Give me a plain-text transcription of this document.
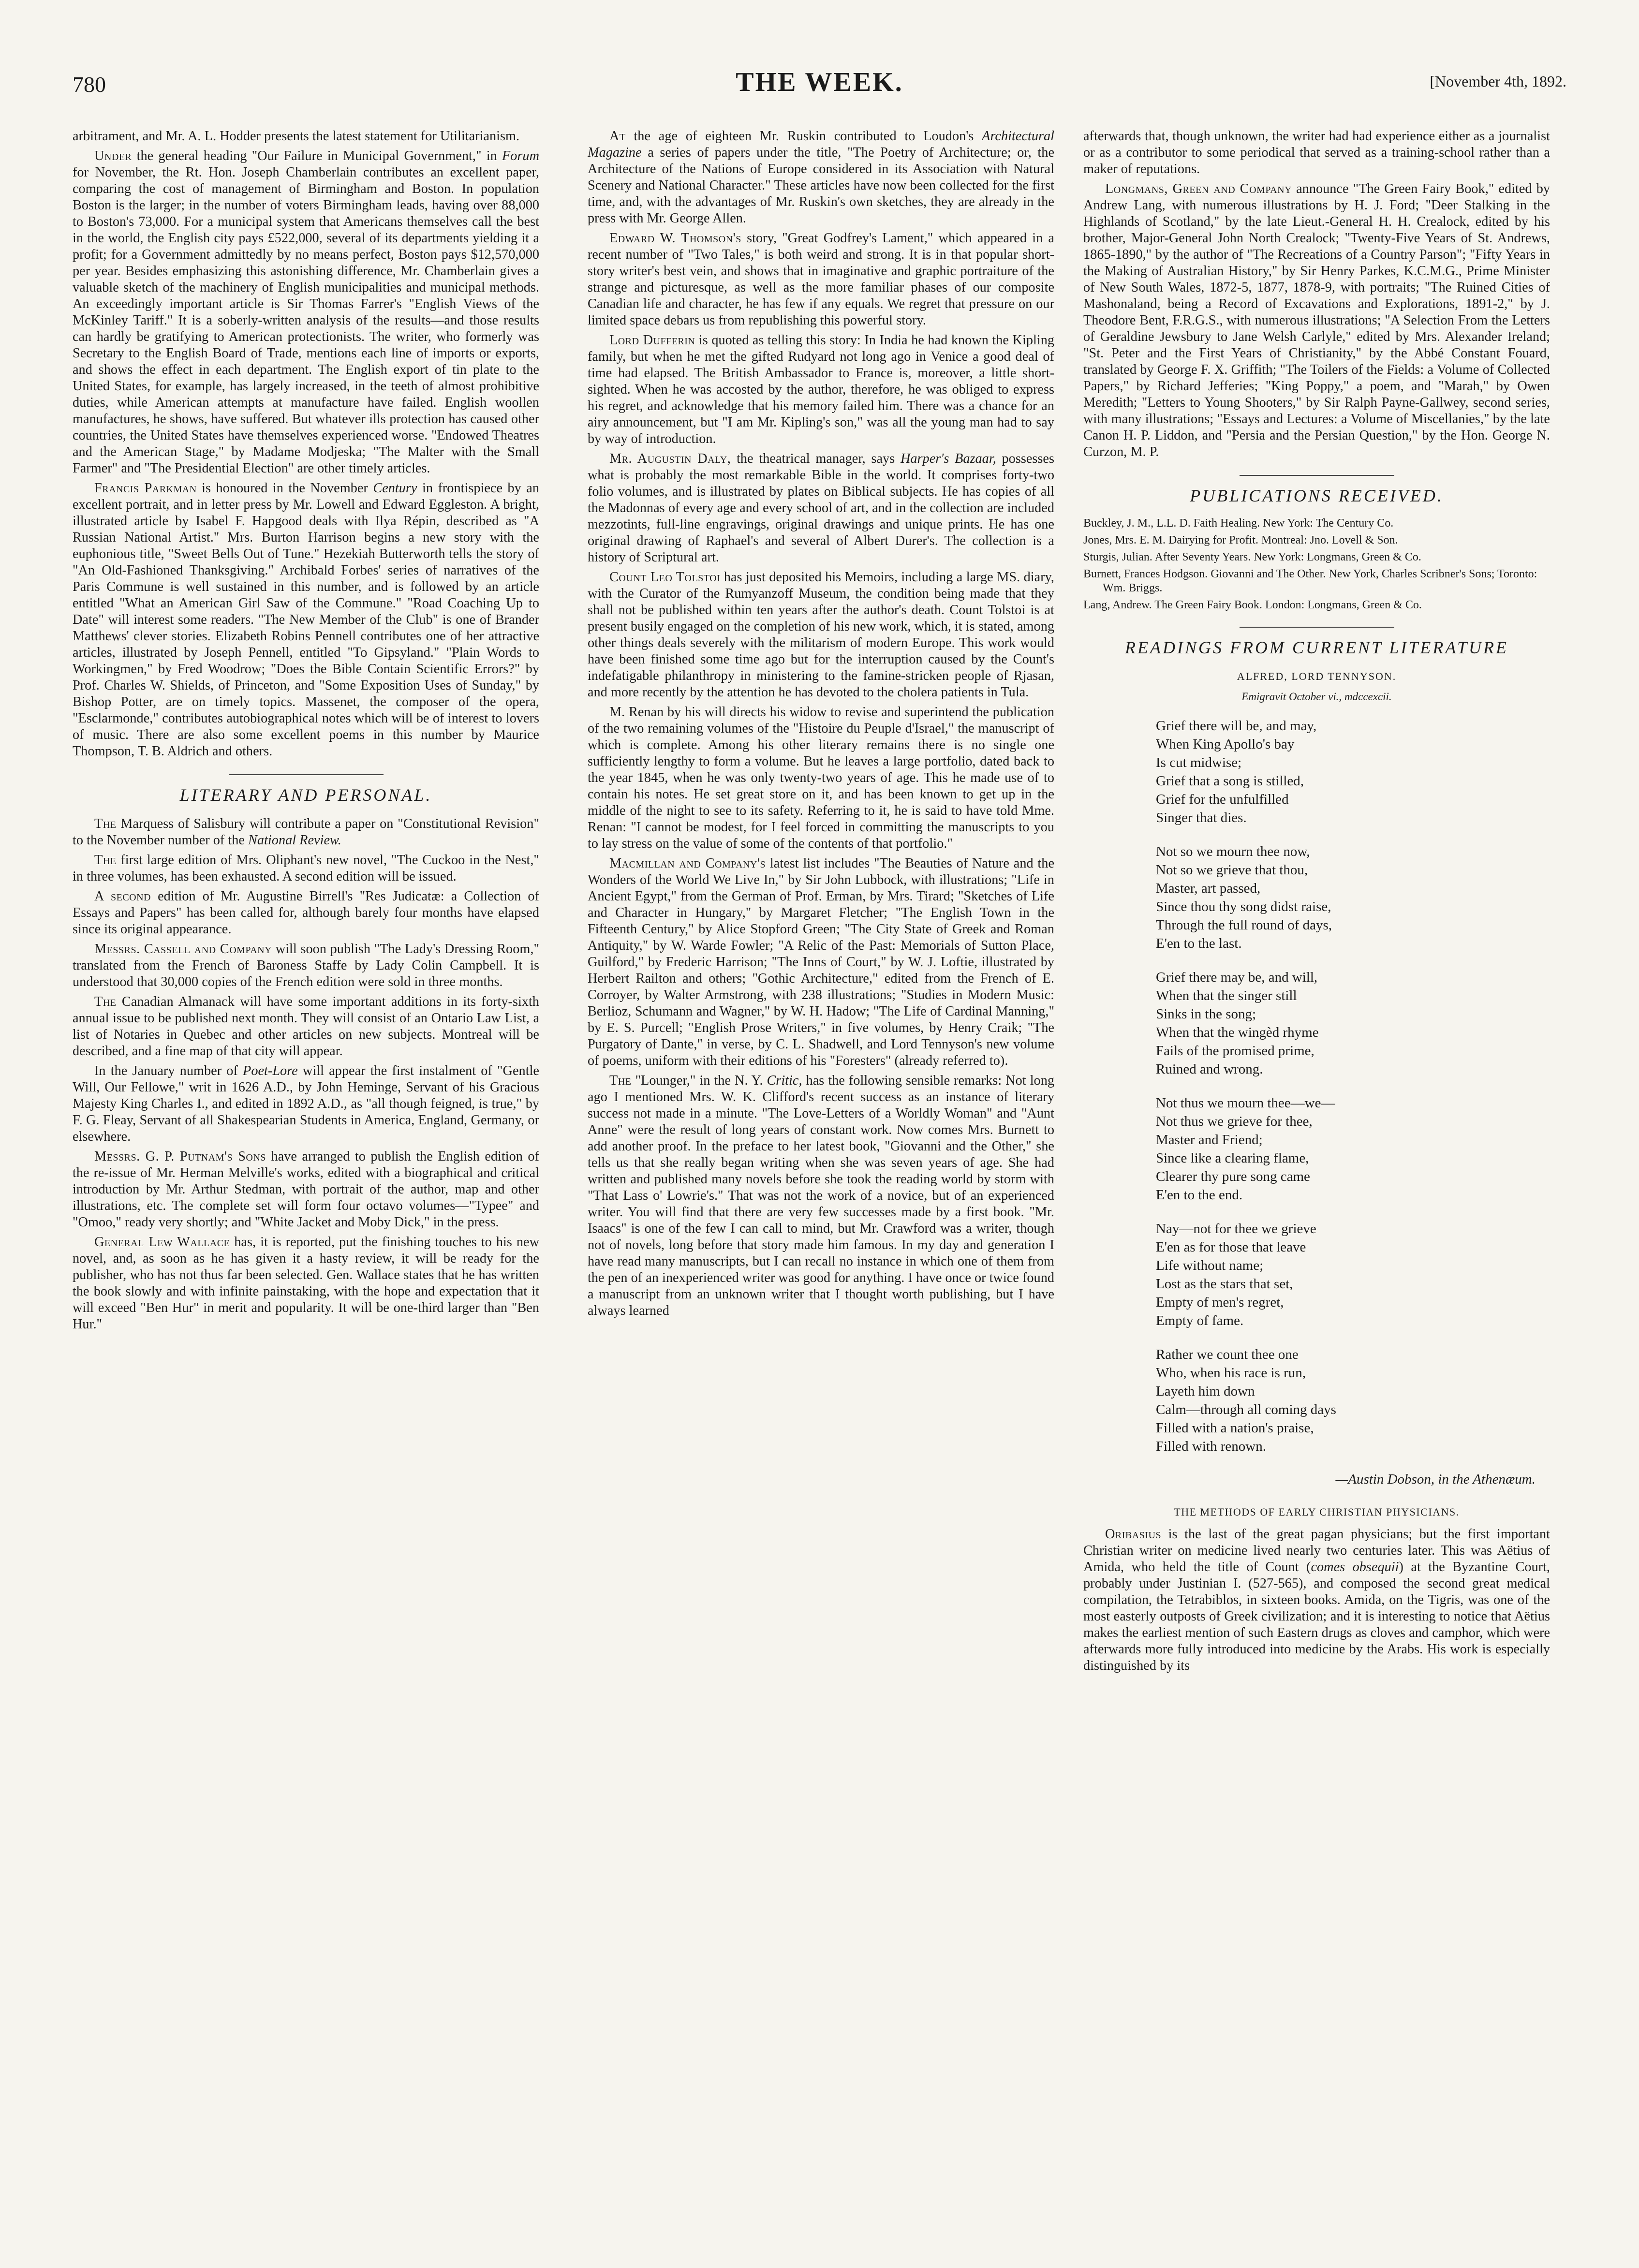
780	THE WEEK.	[November 4th, 1892.

arbitrament, and Mr. A. L. Hodder presents the latest statement for Utilitarianism.

Under the general heading "Our Failure in Municipal Government," in Forum for November, the Rt. Hon. Joseph Chamberlain contributes an excellent paper, comparing the cost of management of Birmingham and Boston. In population Boston is the larger; in the number of voters Birmingham leads, having over 88,000 to Boston's 73,000. For a municipal system that Americans themselves call the best in the world, the English city pays £522,000, several of its departments yielding it a profit; for a Government admittedly by no means perfect, Boston pays $12,570,000 per year. Besides emphasizing this astonishing difference, Mr. Chamberlain gives a valuable sketch of the machinery of English municipalities and municipal methods. An exceedingly important article is Sir Thomas Farrer's "English Views of the McKinley Tariff." It is a soberly-written analysis of the results—and those results can hardly be gratifying to American protectionists. The writer, who formerly was Secretary to the English Board of Trade, mentions each line of imports or exports, and shows the effect in each department. The English export of tin plate to the United States, for example, has largely increased, in the teeth of almost prohibitive duties, while American attempts at manufacture have failed. English woollen manufactures, he shows, have suffered. But whatever ills protection has caused other countries, the United States have themselves experienced worse. "Endowed Theatres and the American Stage," by Madame Modjeska; "The Malter with the Small Farmer" and "The Presidential Election" are other timely articles.

Francis Parkman is honoured in the November Century in frontispiece by an excellent portrait, and in letter press by Mr. Lowell and Edward Eggleston. A bright, illustrated article by Isabel F. Hapgood deals with Ilya Répin, described as "A Russian National Artist." Mrs. Burton Harrison begins a new story with the euphonious title, "Sweet Bells Out of Tune." Hezekiah Butterworth tells the story of "An Old-Fashioned Thanksgiving." Archibald Forbes' series of narratives of the Paris Commune is well sustained in this number, and is followed by an article entitled "What an American Girl Saw of the Commune." "Road Coaching Up to Date" will interest some readers. "The New Member of the Club" is one of Brander Matthews' clever stories. Elizabeth Robins Pennell contributes one of her attractive articles, illustrated by Joseph Pennell, entitled "To Gipsyland." "Plain Words to Workingmen," by Fred Woodrow; "Does the Bible Contain Scientific Errors?" by Prof. Charles W. Shields, of Princeton, and "Some Exposition Uses of Sunday," by Bishop Potter, are on timely topics. Massenet, the composer of the opera, "Esclarmonde," contributes autobiographical notes which will be of interest to lovers of music. There are also some excellent poems in this number by Maurice Thompson, T. B. Aldrich and others.

LITERARY AND PERSONAL.

The Marquess of Salisbury will contribute a paper on "Constitutional Revision" to the November number of the National Review.

The first large edition of Mrs. Oliphant's new novel, "The Cuckoo in the Nest," in three volumes, has been exhausted. A second edition will be issued.

A second edition of Mr. Augustine Birrell's "Res Judicatæ: a Collection of Essays and Papers" has been called for, although barely four months have elapsed since its original appearance.

Messrs. Cassell and Company will soon publish "The Lady's Dressing Room," translated from the French of Baroness Staffe by Lady Colin Campbell. It is understood that 30,000 copies of the French edition were sold in three months.

The Canadian Almanack will have some important additions in its forty-sixth annual issue to be published next month. They will consist of an Ontario Law List, a list of Notaries in Quebec and other articles on new subjects. Montreal will be described, and a fine map of that city will appear.

In the January number of Poet-Lore will appear the first instalment of "Gentle Will, Our Fellowe," writ in 1626 A.D., by John Heminge, Servant of his Gracious Majesty King Charles I., and edited in 1892 A.D., as "all though feigned, is true," by F. G. Fleay, Servant of all Shakespearian Students in America, England, Germany, or elsewhere.

Messrs. G. P. Putnam's Sons have arranged to publish the English edition of the re-issue of Mr. Herman Melville's works, edited with a biographical and critical introduction by Mr. Arthur Stedman, with portrait of the author, map and other illustrations, etc. The complete set will form four octavo volumes—"Typee" and "Omoo," ready very shortly; and "White Jacket and Moby Dick," in the press.

General Lew Wallace has, it is reported, put the finishing touches to his new novel, and, as soon as he has given it a hasty review, it will be ready for the publisher, who has not thus far been selected. Gen. Wallace states that he has written the book slowly and with infinite painstaking, with the hope and expectation that it will exceed "Ben Hur" in merit and popularity. It will be one-third larger than "Ben Hur."

At the age of eighteen Mr. Ruskin contributed to Loudon's Architectural Magazine a series of papers under the title, "The Poetry of Architecture; or, the Architecture of the Nations of Europe considered in its Association with Natural Scenery and National Character." These articles have now been collected for the first time, and, with the advantages of Mr. Ruskin's own sketches, they are already in the press with Mr. George Allen.

Edward W. Thomson's story, "Great Godfrey's Lament," which appeared in a recent number of "Two Tales," is both weird and strong. It is in that popular short-story writer's best vein, and shows that in imaginative and graphic portraiture of the strange and picturesque, as well as the more familiar phases of our composite Canadian life and character, he has few if any equals. We regret that pressure on our limited space debars us from republishing this powerful story.

Lord Dufferin is quoted as telling this story: In India he had known the Kipling family, but when he met the gifted Rudyard not long ago in Venice a good deal of time had elapsed. The British Ambassador to France is, moreover, a little short-sighted. When he was accosted by the author, therefore, he was obliged to express his regret, and acknowledge that his memory failed him. There was a chance for an airy announcement, but "I am Mr. Kipling's son," was all the young man had to say by way of introduction.

Mr. Augustin Daly, the theatrical manager, says Harper's Bazaar, possesses what is probably the most remarkable Bible in the world. It comprises forty-two folio volumes, and is illustrated by plates on Biblical subjects. He has copies of all the Madonnas of every age and every school of art, and in the collection are included mezzotints, full-line engravings, original drawings and unique prints. He has one original drawing of Raphael's and several of Albert Durer's. The collection is a history of Scriptural art.

Count Leo Tolstoi has just deposited his Memoirs, including a large MS. diary, with the Curator of the Rumyanzoff Museum, the condition being made that they shall not be published within ten years after the author's death. Count Tolstoi is at present busily engaged on the completion of his new work, which, it is stated, among other things deals severely with the militarism of modern Europe. This work would have been finished some time ago but for the interruption caused by the Count's indefatigable philanthropy in ministering to the famine-stricken people of Rjasan, and more recently by the attention he has devoted to the cholera patients in Tula.

M. Renan by his will directs his widow to revise and superintend the publication of the two remaining volumes of the "Histoire du Peuple d'Israel," the manuscript of which is complete. Among his other literary remains there is no single one sufficiently lengthy to form a volume. But he leaves a large portfolio, dated back to the year 1845, when he was only twenty-two years of age. This he made use of to contain his notes. He set great store on it, and has been known to get up in the middle of the night to see to its safety. Referring to it, he is said to have told Mme. Renan: "I cannot be modest, for I feel forced in committing the manuscripts to you to lay stress on the value of some of the contents of that portfolio."

Macmillan and Company's latest list includes "The Beauties of Nature and the Wonders of the World We Live In," by Sir John Lubbock, with illustrations; "Life in Ancient Egypt," from the German of Prof. Erman, by Mrs. Tirard; "Sketches of Life and Character in Hungary," by Margaret Fletcher; "The English Town in the Fifteenth Century," by Alice Stopford Green; "The City State of Greek and Roman Antiquity," by W. Warde Fowler; "A Relic of the Past: Memorials of Sutton Place, Guilford," by Frederic Harrison; "The Inns of Court," by W. J. Loftie, illustrated by Herbert Railton and others; "Gothic Architecture," edited from the French of E. Corroyer, by Walter Armstrong, with 238 illustrations; "Studies in Modern Music: Berlioz, Schumann and Wagner," by W. H. Hadow; "The Life of Cardinal Manning," by E. S. Purcell; "English Prose Writers," in five volumes, by Henry Craik; "The Purgatory of Dante," in verse, by C. L. Shadwell, and Lord Tennyson's new volume of poems, uniform with their editions of his "Foresters" (already referred to).

The "Lounger," in the N. Y. Critic, has the following sensible remarks: Not long ago I mentioned Mrs. W. K. Clifford's recent success as an instance of literary success not made in a minute. "The Love-Letters of a Worldly Woman" and "Aunt Anne" were the result of long years of constant work. Now comes Mrs. Burnett to add another proof. In the preface to her latest book, "Giovanni and the Other," she tells us that she really began writing when she was seven years of age. She had written and published many novels before she took the reading world by storm with "That Lass o' Lowrie's." That was not the work of a novice, but of an experienced writer. You will find that there are very few successes made by a first book. "Mr. Isaacs" is one of the few I can call to mind, but Mr. Crawford was a writer, though not of novels, long before that story made him famous. In my day and generation I have read many manuscripts, but I can recall no instance in which one of them from the pen of an inexperienced writer was good for anything. I have once or twice found a manuscript from an unknown writer that I thought worth publishing, but I have always learned

afterwards that, though unknown, the writer had had experience either as a journalist or as a contributor to some periodical that served as a training-school rather than a maker of reputations.

Longmans, Green and Company announce "The Green Fairy Book," edited by Andrew Lang, with numerous illustrations by H. J. Ford; "Deer Stalking in the Highlands of Scotland," by the late Lieut.-General H. H. Crealock, edited by his brother, Major-General John North Crealock; "Twenty-Five Years of St. Andrews, 1865-1890," by the author of "The Recreations of a Country Parson"; "Fifty Years in the Making of Australian History," by Sir Henry Parkes, K.C.M.G., Prime Minister of New South Wales, 1872-5, 1877, 1878-9, with portraits; "The Ruined Cities of Mashonaland, being a Record of Excavations and Explorations, 1891-2," by J. Theodore Bent, F.R.G.S., with numerous illustrations; "A Selection From the Letters of Geraldine Jewsbury to Jane Welsh Carlyle," edited by Mrs. Alexander Ireland; "St. Peter and the First Years of Christianity," by the Abbé Constant Fouard, translated by George F. X. Griffith; "The Toilers of the Fields: a Volume of Collected Papers," by Richard Jefferies; "King Poppy," a poem, and "Marah," by Owen Meredith; "Letters to Young Shooters," by Sir Ralph Payne-Gallwey, second series, with many illustrations; "Essays and Lectures: a Volume of Miscellanies," by the late Canon H. P. Liddon, and "Persia and the Persian Question," by the Hon. George N. Curzon, M. P.

PUBLICATIONS RECEIVED.
Buckley, J. M., L.L. D. Faith Healing. New York: The Century Co.
Jones, Mrs. E. M. Dairying for Profit. Montreal: Jno. Lovell & Son.
Sturgis, Julian. After Seventy Years. New York: Longmans, Green & Co.
Burnett, Frances Hodgson. Giovanni and The Other. New York, Charles Scribner's Sons; Toronto: Wm. Briggs.
Lang, Andrew. The Green Fairy Book. London: Longmans, Green & Co.
READINGS FROM CURRENT LITERATURE
ALFRED, LORD TENNYSON.
Emigravit October vi., mdccexcii.
Grief there will be, and may,
When King Apollo's bay
Is cut midwise;
Grief that a song is stilled,
Grief for the unfulfilled
Singer that dies.
Not so we mourn thee now,
Not so we grieve that thou,
Master, art passed,
Since thou thy song didst raise,
Through the full round of days,
E'en to the last.
Grief there may be, and will,
When that the singer still
Sinks in the song;
When that the wingèd rhyme
Fails of the promised prime,
Ruined and wrong.
Not thus we mourn thee—we—
Not thus we grieve for thee,
Master and Friend;
Since like a clearing flame,
Clearer thy pure song came
E'en to the end.
Nay—not for thee we grieve
E'en as for those that leave
Life without name;
Lost as the stars that set,
Empty of men's regret,
Empty of fame.
Rather we count thee one
Who, when his race is run,
Layeth him down
Calm—through all coming days
Filled with a nation's praise,
Filled with renown.
—Austin Dobson, in the Athenæum.
THE METHODS OF EARLY CHRISTIAN PHYSICIANS.

Oribasius is the last of the great pagan physicians; but the first important Christian writer on medicine lived nearly two centuries later. This was Aëtius of Amida, who held the title of Count (comes obsequii) at the Byzantine Court, probably under Justinian I. (527-565), and composed the second great medical compilation, the Tetrabiblos, in sixteen books. Amida, on the Tigris, was one of the most easterly outposts of Greek civilization; and it is interesting to notice that Aëtius makes the earliest mention of such Eastern drugs as cloves and camphor, which were afterwards more fully introduced into medicine by the Arabs. His work is especially distinguished by its
